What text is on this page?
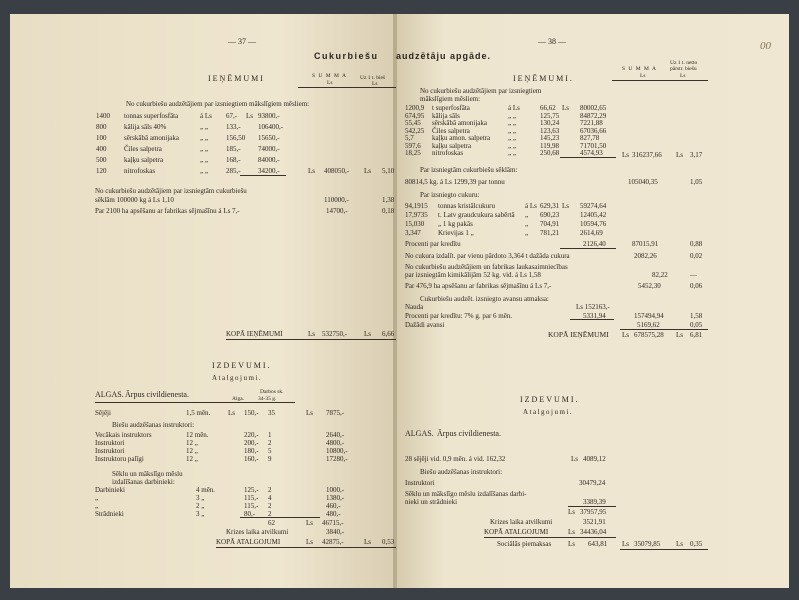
— 37 —
Cukurbiešu
IEŅĒMUMI	S U M M A
Ls
Uz 1 t. bieš
Ls
No cukurbiešu audzētājiem par izsniegtiem mākslīgiem mēsliem:
1400 tonnas superfosfāta	á Ls 67,- Ls 93800,-
800	kālija sāls 40%	„ „	133,- 106400,-
100	sērskābā amonijaka	„ „	156,50 15650,-
400	Čiles salpetra	„ „	185,- 74000,-
500	kaļķu salpetra	„ „	168,- 84000,-
120	nitrofoskas	„ „	285,- 34200,-	Ls 408050,- Ls 5,10
No cukurbiešu audzētājiem par izsniegtām cukurbiešu
sēklām 100000 kg á Ls 1,10	110000,-	1,38
Par 2100 ha apsēšanu ar fabrikas sējmašīnu á Ls 7,-	14700,-	0,18
KOPĀ IEŅĒMUMI	Ls 532750,- Ls 6,66
IZDEVUMI.
Atalgojumi.
ALGAS. Ārpus civildienesta.	Darbos sk.
Alga.	34-35 g.
Sējēji	1,5 mēn.	Ls 150,- 35	Ls 7875,-
Biešu audzēšanas instruktori:
Vecākais instruktors	12 mēn.	220,- 1	2640,-
Instruktori	12 „	200,- 2	4800,-
Instruktori	12 „	180,- 5	10800,-
Instruktoru palīgi	12 „	160,- 9	17280,-
Sēklu un mākslīgo mēslu
izdalīšanas darbinieki:
Darbinieki	4 mēn.	125,- 2	1000,-
„	3 „	115,- 4	1380,-
„	2 „	115,- 2	460,-
Strādnieki	3 „	80,- 2	480,-
62	Ls 46715,-
Krizes laika atvilkumi	3840,-
KOPĀ ATALGOJUMI	Ls 42875,-	Ls 0,53
audzētāju apgāde.
— 38 —
IEŅĒMUMI.
S U M M A
Ls
Uz 1 t. netto
pārstr. biešu
Ls
No cukurbiešu audzētājiem par izsniegtiem
mākslīgiem mēsliem:
1200,9 t superfosfāta	á Ls	66,62 Ls 80002,65
674,95 kālija sāls	„ „	125,75	84872,29
55,45 sērskābā amonijaka	„ „	130,24	7221,88
542,25 Čiles salpetra	„ „	123,63	67036,66
5,7	kaļķu amon. salpetra	„ „	145,23	827,78
597,6 kaļķu salpetra	„ „	119,98	71701,50
18,25 nitrofoskas	„ „	250,68	4574,93	Ls 316237,66 Ls 3,17
Par izsniegtām cukurbiešu sēklām:
80814,5 kg. á Ls 1299,39 par tonnu	105040,35	1,05
Par izsniegto cukuru:
94,1915 tonnas kristālcukuru	á Ls 629,31 Ls 59274,64
17,9735 t. Latv graudcukura sabērtā „ 690,23	12405,42
15,030 „ 1 kg pakās	„ 704,91	10594,76
3,347 Krievijas 1 „	„ 781,21	2614,69
Procenti par kredītu	2126,40	87015,91	0,88
No cukura izdalīt. par vienu pārdoto 3,364 t dažāda cukura	2082,26	0,02
No cukurbiešu audzētājiem un fabrikas laukasaimniecības
par izsniegtām kimikālijām 52 kg. vid. á Ls 1,58	82,22	—
Par 476,9 ha apsēšanu ar fabrikas sējmašīnu á Ls 7,-	5452,30	0,06
Cukurbiešu audzēt. izsniegto avansu atmaksa:
Nauda	Ls 152163,-
Procenti par kredītu: 7% g. par 6 mēn.	5331,94	157494,94	1,58
Dažādi avansi	5169,62	0,05
KOPĀ IEŅĒMUMI Ls 678575,28 Ls 6,81
IZDEVUMI.
Atalgojumi.
ALGAS. Ārpus civildienesta.
28 sējēji vid. 0,9 mēn. á vid. 162,32	Ls 4089,12
Biešu audzēšanas instruktori:
Instruktori	30479,24
Sēklu un mākslīgo mēslu izdalīšanas darbi-
nieki un strādnieki	3389,39
Ls 37957,95
Krizes laika atvilkumi	3521,91
KOPĀ ATALGOJUMI	Ls 34436,04
Sociālās piemaksas Ls 643,81 Ls 35079,85 Ls 0,35
00
